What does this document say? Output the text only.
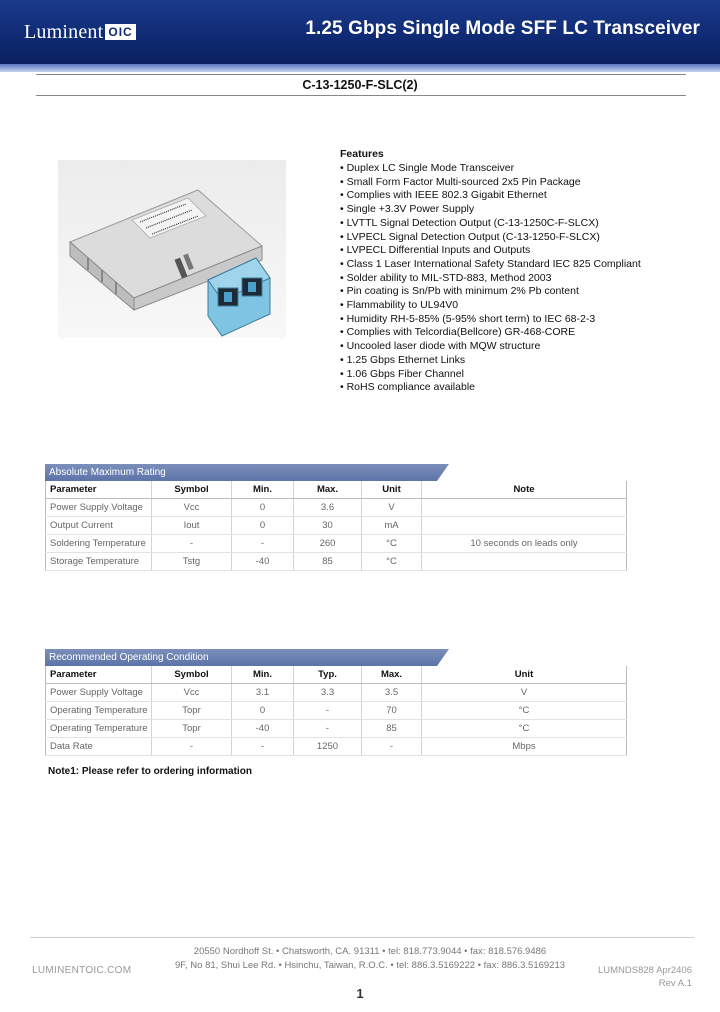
Luminent OIC	1.25 Gbps Single Mode SFF LC Transceiver
C-13-1250-F-SLC(2)
Features
• Duplex LC Single Mode Transceiver
• Small Form Factor Multi-sourced 2x5 Pin Package
• Complies with IEEE 802.3 Gigabit Ethernet
• Single +3.3V Power Supply
• LVTTL Signal Detection Output (C-13-1250C-F-SLCX)
• LVPECL Signal Detection Output (C-13-1250-F-SLCX)
• LVPECL Differential Inputs and Outputs
• Class 1 Laser International Safety Standard IEC 825 Compliant
• Solder ability to MIL-STD-883, Method 2003
• Pin coating is Sn/Pb with minimum 2% Pb content
• Flammability to UL94V0
• Humidity RH-5-85% (5-95% short term) to IEC 68-2-3
• Complies with Telcordia(Bellcore) GR-468-CORE
• Uncooled laser diode with MQW structure
• 1.25 Gbps Ethernet Links
• 1.06 Gbps Fiber Channel
• RoHS compliance available
Absolute Maximum Rating
Parameter	Symbol	Min.	Max.	Unit	Note
Power Supply Voltage	Vcc	0	3.6	V	
Output Current	Iout	0	30	mA	
Soldering Temperature	-	-	260	°C	10 seconds on leads only
Storage Temperature	Tstg	-40	85	°C	
Recommended Operating Condition
Parameter	Symbol	Min.	Typ.	Max.	Unit
Power Supply Voltage	Vcc	3.1	3.3	3.5	V
Operating Temperature	Topr	0	-	70	°C
Operating Temperature	Topr	-40	-	85	°C
Data Rate	-	-	1250	-	Mbps
Note1: Please refer to ordering information
LUMINENTOIC.COM
20550 Nordhoff St. • Chatsworth, CA. 91311 • tel: 818.773.9044 • fax: 818.576.9486
9F, No 81, Shui Lee Rd. • Hsinchu, Taiwan, R.O.C. • tel: 886.3.5169222 • fax: 886.3.5169213	LUMNDS828 Apr2406
Rev A.1
1
